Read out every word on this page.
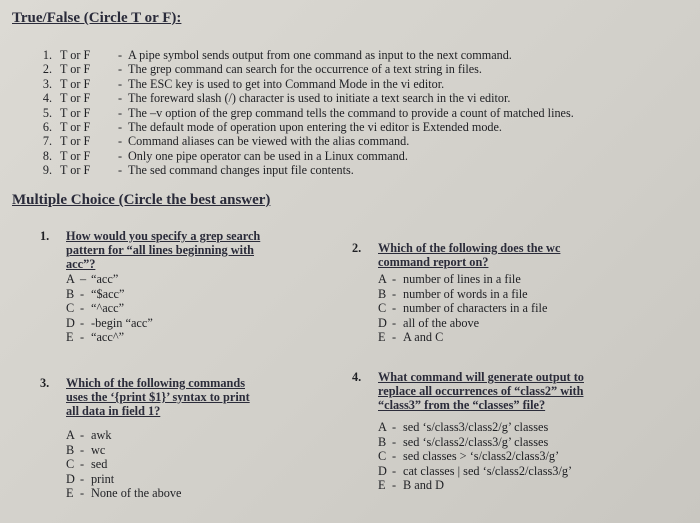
True/False (Circle T or F):
1. T or F - A pipe symbol sends output from one command as input to the next command.
2. T or F - The grep command can search for the occurrence of a text string in files.
3. T or F - The ESC key is used to get into Command Mode in the vi editor.
4. T or F - The foreward slash (/) character is used to initiate a text search in the vi editor.
5. T or F - The –v option of the grep command tells the command to provide a count of matched lines.
6. T or F - The default mode of operation upon entering the vi editor is Extended mode.
7. T or F - Command aliases can be viewed with the alias command.
8. T or F - Only one pipe operator can be used in a Linux command.
9. T or F - The sed command changes input file contents.
Multiple Choice (Circle the best answer)
1. How would you specify a grep search
pattern for “all lines beginning with
acc”?
A – “acc”
B - “$acc”
C - “^acc”
D - -begin “acc”
E - “acc^”
2. Which of the following does the wc
command report on?
A - number of lines in a file
B - number of words in a file
C - number of characters in a file
D - all of the above
E - A and C
3. Which of the following commands
uses the ‘{print $1}’ syntax to print
all data in field 1?
A - awk
B - wc
C - sed
D - print
E - None of the above
4. What command will generate output to
replace all occurrences of “class2” with
“class3” from the “classes” file?
A - sed ‘s/class3/class2/g’ classes
B - sed ‘s/class2/class3/g’ classes
C - sed classes > ‘s/class2/class3/g’
D - cat classes | sed ‘s/class2/class3/g’
E - B and D
